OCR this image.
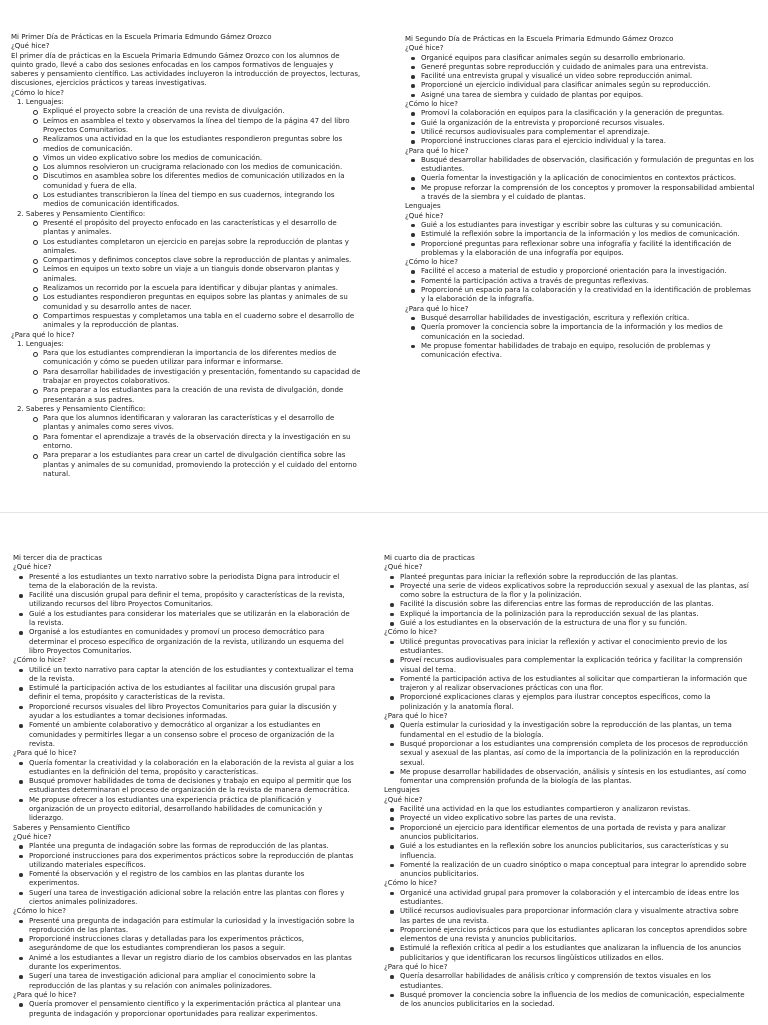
Mi Primer Día de Prácticas en la Escuela Primaria Edmundo Gámez Orozco

¿Qué hice?

El primer día de prácticas en la Escuela Primaria Edmundo Gámez Orozco con los alumnos de quinto grado, llevé a cabo dos sesiones enfocadas en los campos formativos de lenguajes y saberes y pensamiento científico. Las actividades incluyeron la introducción de proyectos, lecturas, discusiones, ejercicios prácticos y tareas investigativas.

¿Cómo lo hice?

1. Lenguajes:
Expliqué el proyecto sobre la creación de una revista de divulgación.
Leímos en asamblea el texto y observamos la línea del tiempo de la página 47 del libro Proyectos Comunitarios.
Realizamos una actividad en la que los estudiantes respondieron preguntas sobre los medios de comunicación.
Vimos un video explicativo sobre los medios de comunicación.
Los alumnos resolvieron un crucigrama relacionado con los medios de comunicación.
Discutimos en asamblea sobre los diferentes medios de comunicación utilizados en la comunidad y fuera de ella.
Los estudiantes transcribieron la línea del tiempo en sus cuadernos, integrando los medios de comunicación identificados.
2. Saberes y Pensamiento Científico:
Presenté el propósito del proyecto enfocado en las características y el desarrollo de plantas y animales.
Los estudiantes completaron un ejercicio en parejas sobre la reproducción de plantas y animales.
Compartimos y definimos conceptos clave sobre la reproducción de plantas y animales.
Leímos en equipos un texto sobre un viaje a un tianguis donde observaron plantas y animales.
Realizamos un recorrido por la escuela para identificar y dibujar plantas y animales.
Los estudiantes respondieron preguntas en equipos sobre las plantas y animales de su comunidad y su desarrollo antes de nacer.
Compartimos respuestas y completamos una tabla en el cuaderno sobre el desarrollo de animales y la reproducción de plantas.

¿Para qué lo hice?

1. Lenguajes:
Para que los estudiantes comprendieran la importancia de los diferentes medios de comunicación y cómo se pueden utilizar para informar e informarse.
Para desarrollar habilidades de investigación y presentación, fomentando su capacidad de trabajar en proyectos colaborativos.
Para preparar a los estudiantes para la creación de una revista de divulgación, donde presentarán a sus padres.
2. Saberes y Pensamiento Científico:
Para que los alumnos identificaran y valoraran las características y el desarrollo de plantas y animales como seres vivos.
Para fomentar el aprendizaje a través de la observación directa y la investigación en su entorno.
Para preparar a los estudiantes para crear un cartel de divulgación científica sobre las plantas y animales de su comunidad, promoviendo la protección y el cuidado del entorno natural.

Mi Segundo Día de Prácticas en la Escuela Primaria Edmundo Gámez Orozco

¿Qué hice?

Organicé equipos para clasificar animales según su desarrollo embrionario.
Generé preguntas sobre reproducción y cuidado de animales para una entrevista.
Facilité una entrevista grupal y visualicé un video sobre reproducción animal.
Proporcioné un ejercicio individual para clasificar animales según su reproducción.
Asigné una tarea de siembra y cuidado de plantas por equipos.

¿Cómo lo hice?

Promoví la colaboración en equipos para la clasificación y la generación de preguntas.
Guié la organización de la entrevista y proporcioné recursos visuales.
Utilicé recursos audiovisuales para complementar el aprendizaje.
Proporcioné instrucciones claras para el ejercicio individual y la tarea.

¿Para qué lo hice?

Busqué desarrollar habilidades de observación, clasificación y formulación de preguntas en los estudiantes.
Quería fomentar la investigación y la aplicación de conocimientos en contextos prácticos.
Me propuse reforzar la comprensión de los conceptos y promover la responsabilidad ambiental a través de la siembra y el cuidado de plantas.

Lenguajes

¿Qué hice?

Guié a los estudiantes para investigar y escribir sobre las culturas y su comunicación.
Estimulé la reflexión sobre la importancia de la información y los medios de comunicación.
Proporcioné preguntas para reflexionar sobre una infografía y facilité la identificación de problemas y la elaboración de una infografía por equipos.

¿Cómo lo hice?

Facilité el acceso a material de estudio y proporcioné orientación para la investigación.
Fomenté la participación activa a través de preguntas reflexivas.
Proporcioné un espacio para la colaboración y la creatividad en la identificación de problemas y la elaboración de la infografía.

¿Para qué lo hice?

Busqué desarrollar habilidades de investigación, escritura y reflexión crítica.
Quería promover la conciencia sobre la importancia de la información y los medios de comunicación en la sociedad.
Me propuse fomentar habilidades de trabajo en equipo, resolución de problemas y comunicación efectiva.

Mi tercer dia de practicas

¿Qué hice?

Presenté a los estudiantes un texto narrativo sobre la periodista Digna para introducir el tema de la elaboración de la revista.
Facilité una discusión grupal para definir el tema, propósito y características de la revista, utilizando recursos del libro Proyectos Comunitarios.
Guié a los estudiantes para considerar los materiales que se utilizarán en la elaboración de la revista.
Organisé a los estudiantes en comunidades y promoví un proceso democrático para determinar el proceso específico de organización de la revista, utilizando un esquema del libro Proyectos Comunitarios.

¿Cómo lo hice?

Utilicé un texto narrativo para captar la atención de los estudiantes y contextualizar el tema de la revista.
Estimulé la participación activa de los estudiantes al facilitar una discusión grupal para definir el tema, propósito y características de la revista.
Proporcioné recursos visuales del libro Proyectos Comunitarios para guiar la discusión y ayudar a los estudiantes a tomar decisiones informadas.
Fomenté un ambiente colaborativo y democrático al organizar a los estudiantes en comunidades y permitirles llegar a un consenso sobre el proceso de organización de la revista.

¿Para qué lo hice?

Quería fomentar la creatividad y la colaboración en la elaboración de la revista al guiar a los estudiantes en la definición del tema, propósito y características.
Busqué promover habilidades de toma de decisiones y trabajo en equipo al permitir que los estudiantes determinaran el proceso de organización de la revista de manera democrática.
Me propuse ofrecer a los estudiantes una experiencia práctica de planificación y organización de un proyecto editorial, desarrollando habilidades de comunicación y liderazgo.

Saberes y Pensamiento Científico

¿Qué hice?

Plantée una pregunta de indagación sobre las formas de reproducción de las plantas.
Proporcioné instrucciones para dos experimentos prácticos sobre la reproducción de plantas utilizando materiales específicos.
Fomenté la observación y el registro de los cambios en las plantas durante los experimentos.
Sugerí una tarea de investigación adicional sobre la relación entre las plantas con flores y ciertos animales polinizadores.

¿Cómo lo hice?

Presenté una pregunta de indagación para estimular la curiosidad y la investigación sobre la reproducción de las plantas.
Proporcioné instrucciones claras y detalladas para los experimentos prácticos, asegurándome de que los estudiantes comprendieran los pasos a seguir.
Animé a los estudiantes a llevar un registro diario de los cambios observados en las plantas durante los experimentos.
Sugerí una tarea de investigación adicional para ampliar el conocimiento sobre la reproducción de las plantas y su relación con animales polinizadores.

¿Para qué lo hice?

Quería promover el pensamiento científico y la experimentación práctica al plantear una pregunta de indagación y proporcionar oportunidades para realizar experimentos.

Mi cuarto dia de practicas

¿Qué hice?

Planteé preguntas para iniciar la reflexión sobre la reproducción de las plantas.
Proyecté una serie de videos explicativos sobre la reproducción sexual y asexual de las plantas, así como sobre la estructura de la flor y la polinización.
Facilité la discusión sobre las diferencias entre las formas de reproducción de las plantas.
Expliqué la importancia de la polinización para la reproducción sexual de las plantas.
Guié a los estudiantes en la observación de la estructura de una flor y su función.

¿Cómo lo hice?

Utilicé preguntas provocativas para iniciar la reflexión y activar el conocimiento previo de los estudiantes.
Proveí recursos audiovisuales para complementar la explicación teórica y facilitar la comprensión visual del tema.
Fomenté la participación activa de los estudiantes al solicitar que compartieran la información que trajeron y al realizar observaciones prácticas con una flor.
Proporcioné explicaciones claras y ejemplos para ilustrar conceptos específicos, como la polinización y la anatomía floral.

¿Para qué lo hice?

Quería estimular la curiosidad y la investigación sobre la reproducción de las plantas, un tema fundamental en el estudio de la biología.
Busqué proporcionar a los estudiantes una comprensión completa de los procesos de reproducción sexual y asexual de las plantas, así como de la importancia de la polinización en la reproducción sexual.
Me propuse desarrollar habilidades de observación, análisis y síntesis en los estudiantes, así como fomentar una comprensión profunda de la biología de las plantas.

Lenguajes

¿Qué hice?

Facilité una actividad en la que los estudiantes compartieron y analizaron revistas.
Proyecté un video explicativo sobre las partes de una revista.
Proporcioné un ejercicio para identificar elementos de una portada de revista y para analizar anuncios publicitarios.
Guié a los estudiantes en la reflexión sobre los anuncios publicitarios, sus características y su influencia.
Fomenté la realización de un cuadro sinóptico o mapa conceptual para integrar lo aprendido sobre anuncios publicitarios.

¿Cómo lo hice?

Organicé una actividad grupal para promover la colaboración y el intercambio de ideas entre los estudiantes.
Utilicé recursos audiovisuales para proporcionar información clara y visualmente atractiva sobre las partes de una revista.
Proporcioné ejercicios prácticos para que los estudiantes aplicaran los conceptos aprendidos sobre elementos de una revista y anuncios publicitarios.
Estimulé la reflexión crítica al pedir a los estudiantes que analizaran la influencia de los anuncios publicitarios y que identificaran los recursos lingüísticos utilizados en ellos.

¿Para qué lo hice?

Quería desarrollar habilidades de análisis crítico y comprensión de textos visuales en los estudiantes.
Busqué promover la conciencia sobre la influencia de los medios de comunicación, especialmente de los anuncios publicitarios en la sociedad.
